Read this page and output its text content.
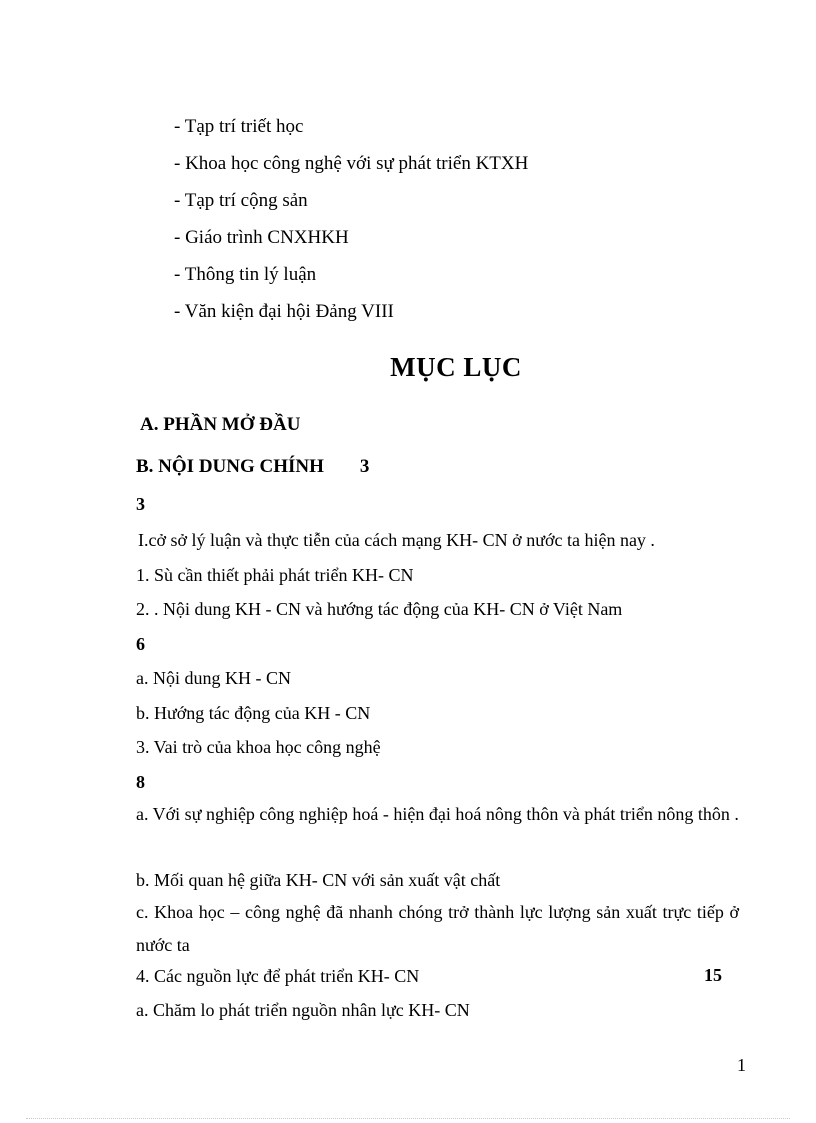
- Tạp trí triết học
- Khoa học công nghệ với sự phát triển KTXH
- Tạp trí cộng sản
- Giáo trình CNXHKH
- Thông tin lý luận
- Văn kiện đại hội Đảng VIII
MỤC LỤC
A. PHẦN MỞ ĐẦU
B. NỘI DUNG CHÍNH 3
3
I.cở sở lý luận và thực tiễn của cách mạng KH- CN ở nước ta hiện nay .
1. Sù cần thiết phải phát triển KH- CN
2. . Nội dung KH - CN và hướng tác động của KH- CN ở Việt Nam
6
a. Nội dung KH - CN
b. Hướng tác động của KH - CN
3. Vai trò của khoa học công nghệ
8
a. Với sự nghiệp công nghiệp hoá - hiện đại hoá nông thôn và phát triển nông thôn .
b. Mối quan hệ giữa KH- CN với sản xuất vật chất
c. Khoa học – công nghệ đã nhanh chóng trở thành lực lượng sản xuất trực tiếp ở nước ta
4. Các nguồn lực để phát triển KH- CN	15
a. Chăm lo phát triển nguồn nhân lực KH- CN
1
